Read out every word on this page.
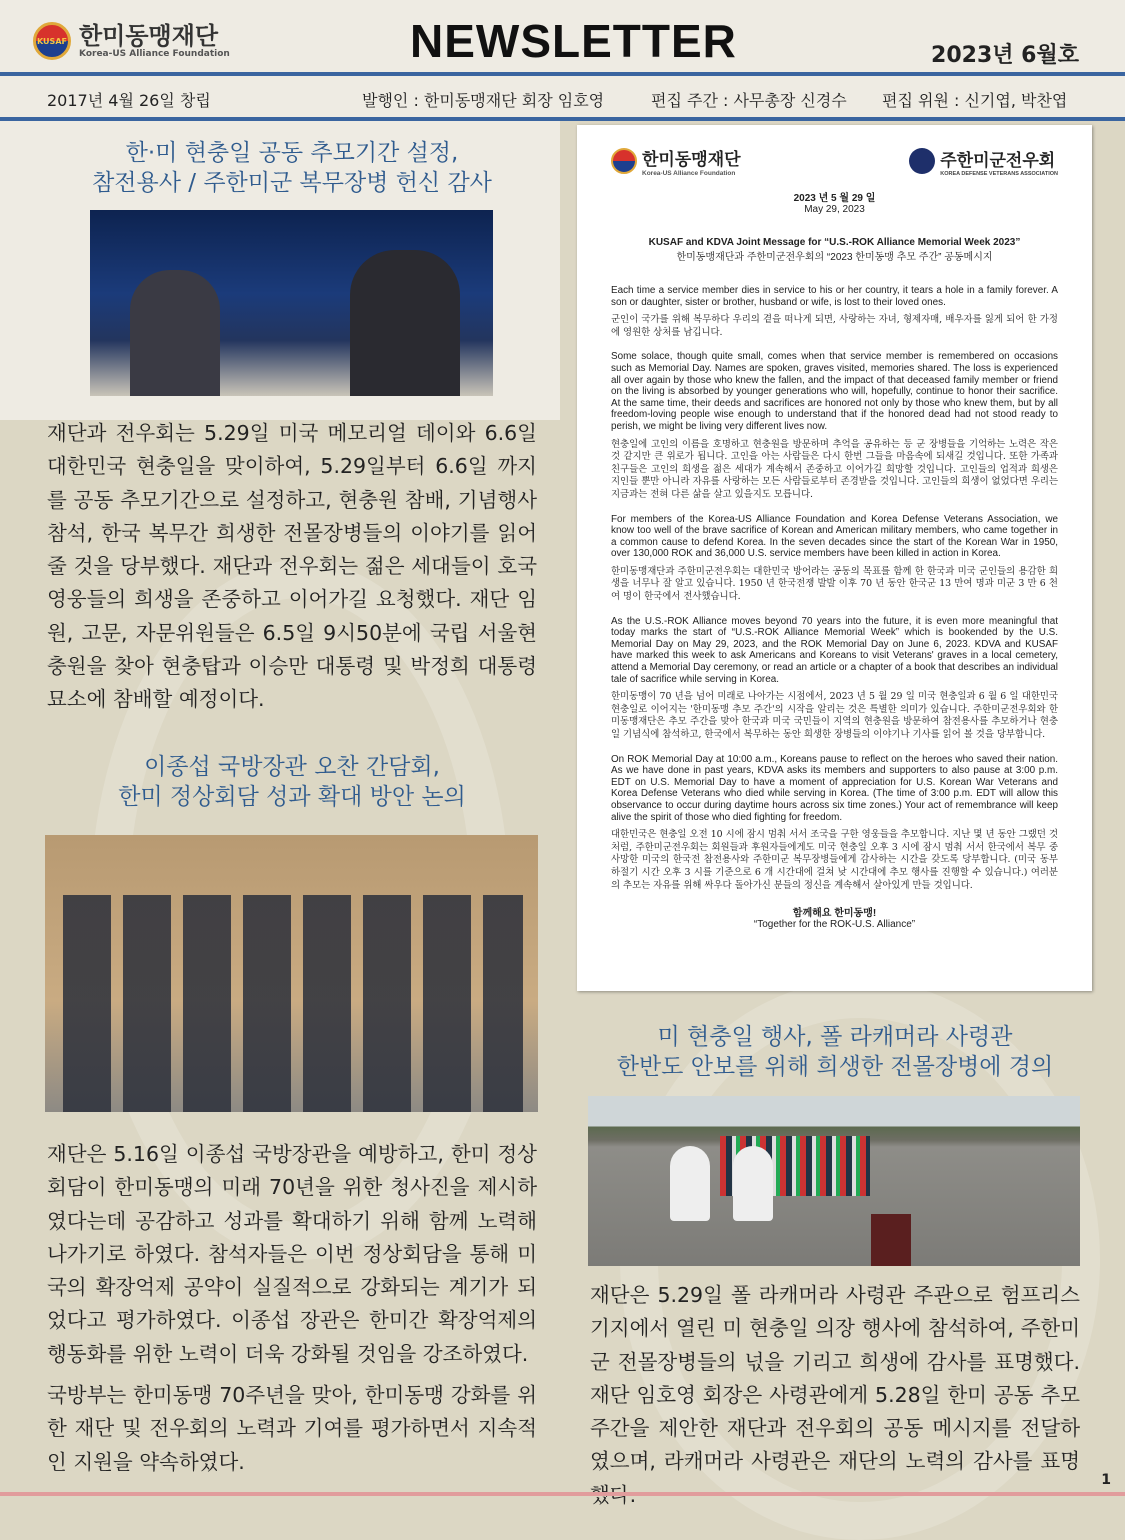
KUSAF 한미동맹재단
Korea-US Alliance Foundation	NEWSLETTER	2023년 6월호
2017년 4월 26일 창립	발행인 : 한미동맹재단 회장 임호영	편집 주간 : 사무총장 신경수 편집 위원 : 신기엽, 박찬엽
한·미 현충일 공동 추모기간 설정,
참전용사 / 주한미군 복무장병 헌신 감사

재단과 전우회는 5.29일 미국 메모리얼 데이와 6.6일 대한민국 현충일을 맞이하여, 5.29일부터 6.6일 까지를 공동 추모기간으로 설정하고, 현충원 참배, 기념행사 참석, 한국 복무간 희생한 전몰장병들의 이야기를 읽어 줄 것을 당부했다. 재단과 전우회는 젊은 세대들이 호국 영웅들의 희생을 존중하고 이어가길 요청했다. 재단 임원, 고문, 자문위원들은 6.5일 9시50분에 국립 서울현충원을 찾아 현충탑과 이승만 대통령 및 박정희 대통령 묘소에 참배할 예정이다.

이종섭 국방장관 오찬 간담회,
한미 정상회담 성과 확대 방안 논의

재단은 5.16일 이종섭 국방장관을 예방하고, 한미 정상회담이 한미동맹의 미래 70년을 위한 청사진을 제시하였다는데 공감하고 성과를 확대하기 위해 함께 노력해 나가기로 하였다. 참석자들은 이번 정상회담을 통해 미국의 확장억제 공약이 실질적으로 강화되는 계기가 되었다고 평가하였다. 이종섭 장관은 한미간 확장억제의 행동화를 위한 노력이 더욱 강화될 것임을 강조하였다.

국방부는 한미동맹 70주년을 맞아, 한미동맹 강화를 위한 재단 및 전우회의 노력과 기여를 평가하면서 지속적인 지원을 약속하였다.

한미동맹재단
Korea-US Alliance Foundation
주한미군전우회
KOREA DEFENSE VETERANS ASSOCIATION
2023 년 5 월 29 일
May 29, 2023
KUSAF and KDVA Joint Message for “U.S.-ROK Alliance Memorial Week 2023”
한미동맹재단과 주한미군전우회의 “2023 한미동맹 추모 주간” 공동메시지

Each time a service member dies in service to his or her country, it tears a hole in a family forever. A son or daughter, sister or brother, husband or wife, is lost to their loved ones.

군인이 국가를 위해 복무하다 우리의 곁을 떠나게 되면, 사랑하는 자녀, 형제자매, 배우자를 잃게 되어 한 가정에 영원한 상처를 남깁니다.

Some solace, though quite small, comes when that service member is remembered on occasions such as Memorial Day. Names are spoken, graves visited, memories shared. The loss is experienced all over again by those who knew the fallen, and the impact of that deceased family member or friend on the living is absorbed by younger generations who will, hopefully, continue to honor their sacrifice. At the same time, their deeds and sacrifices are honored not only by those who knew them, but by all freedom-loving people wise enough to understand that if the honored dead had not stood ready to perish, we might be living very different lives now.

현충일에 고인의 이름을 호명하고 현충원을 방문하며 추억을 공유하는 등 군 장병들을 기억하는 노력은 작은 것 같지만 큰 위로가 됩니다. 고인을 아는 사람들은 다시 한번 그들을 마음속에 되새길 것입니다. 또한 가족과 친구들은 고인의 희생을 젊은 세대가 계속해서 존중하고 이어가길 희망할 것입니다. 고인들의 업적과 희생은 지인들 뿐만 아니라 자유를 사랑하는 모든 사람들로부터 존경받을 것입니다. 고인들의 희생이 없었다면 우리는 지금과는 전혀 다른 삶을 살고 있을지도 모릅니다.

For members of the Korea-US Alliance Foundation and Korea Defense Veterans Association, we know too well of the brave sacrifice of Korean and American military members, who came together in a common cause to defend Korea. In the seven decades since the start of the Korean War in 1950, over 130,000 ROK and 36,000 U.S. service members have been killed in action in Korea.

한미동맹재단과 주한미군전우회는 대한민국 방어라는 공동의 목표를 함께 한 한국과 미국 군인들의 용감한 희생을 너무나 잘 알고 있습니다. 1950 년 한국전쟁 발발 이후 70 년 동안 한국군 13 만여 명과 미군 3 만 6 천여 명이 한국에서 전사했습니다.

As the U.S.-ROK Alliance moves beyond 70 years into the future, it is even more meaningful that today marks the start of “U.S.-ROK Alliance Memorial Week” which is bookended by the U.S. Memorial Day on May 29, 2023, and the ROK Memorial Day on June 6, 2023. KDVA and KUSAF have marked this week to ask Americans and Koreans to visit Veterans' graves in a local cemetery, attend a Memorial Day ceremony, or read an article or a chapter of a book that describes an individual tale of sacrifice while serving in Korea.

한미동맹이 70 년을 넘어 미래로 나아가는 시점에서, 2023 년 5 월 29 일 미국 현충일과 6 월 6 일 대한민국 현충일로 이어지는 '한미동맹 추모 주간'의 시작을 알리는 것은 특별한 의미가 있습니다. 주한미군전우회와 한미동맹재단은 추모 주간을 맞아 한국과 미국 국민들이 지역의 현충원을 방문하여 참전용사를 추모하거나 현충일 기념식에 참석하고, 한국에서 복무하는 동안 희생한 장병들의 이야기나 기사를 읽어 볼 것을 당부합니다.

On ROK Memorial Day at 10:00 a.m., Koreans pause to reflect on the heroes who saved their nation. As we have done in past years, KDVA asks its members and supporters to also pause at 3:00 p.m. EDT on U.S. Memorial Day to have a moment of appreciation for U.S. Korean War Veterans and Korea Defense Veterans who died while serving in Korea. (The time of 3:00 p.m. EDT will allow this observance to occur during daytime hours across six time zones.) Your act of remembrance will keep alive the spirit of those who died fighting for freedom.

대한민국은 현충일 오전 10 시에 잠시 멈춰 서서 조국을 구한 영웅들을 추모합니다. 지난 몇 년 동안 그랬던 것처럼, 주한미군전우회는 회원들과 후원자들에게도 미국 현충일 오후 3 시에 잠시 멈춰 서서 한국에서 복무 중 사망한 미국의 한국전 참전용사와 주한미군 복무장병들에게 감사하는 시간을 갖도록 당부합니다. (미국 동부 하절기 시간 오후 3 시를 기준으로 6 개 시간대에 걸쳐 낮 시간대에 추모 행사를 진행할 수 있습니다.) 여러분의 추모는 자유를 위해 싸우다 돌아가신 분들의 정신을 계속해서 살아있게 만들 것입니다.

함께해요 한미동맹!
“Together for the ROK-U.S. Alliance”
미 현충일 행사, 폴 라캐머라 사령관
한반도 안보를 위해 희생한 전몰장병에 경의

재단은 5.29일 폴 라캐머라 사령관 주관으로 험프리스 기지에서 열린 미 현충일 의장 행사에 참석하여, 주한미군 전몰장병들의 넋을 기리고 희생에 감사를 표명했다. 재단 임호영 회장은 사령관에게 5.28일 한미 공동 추모주간을 제안한 재단과 전우회의 공동 메시지를 전달하였으며, 라캐머라 사령관은 재단의 노력의 감사를 표명

1
